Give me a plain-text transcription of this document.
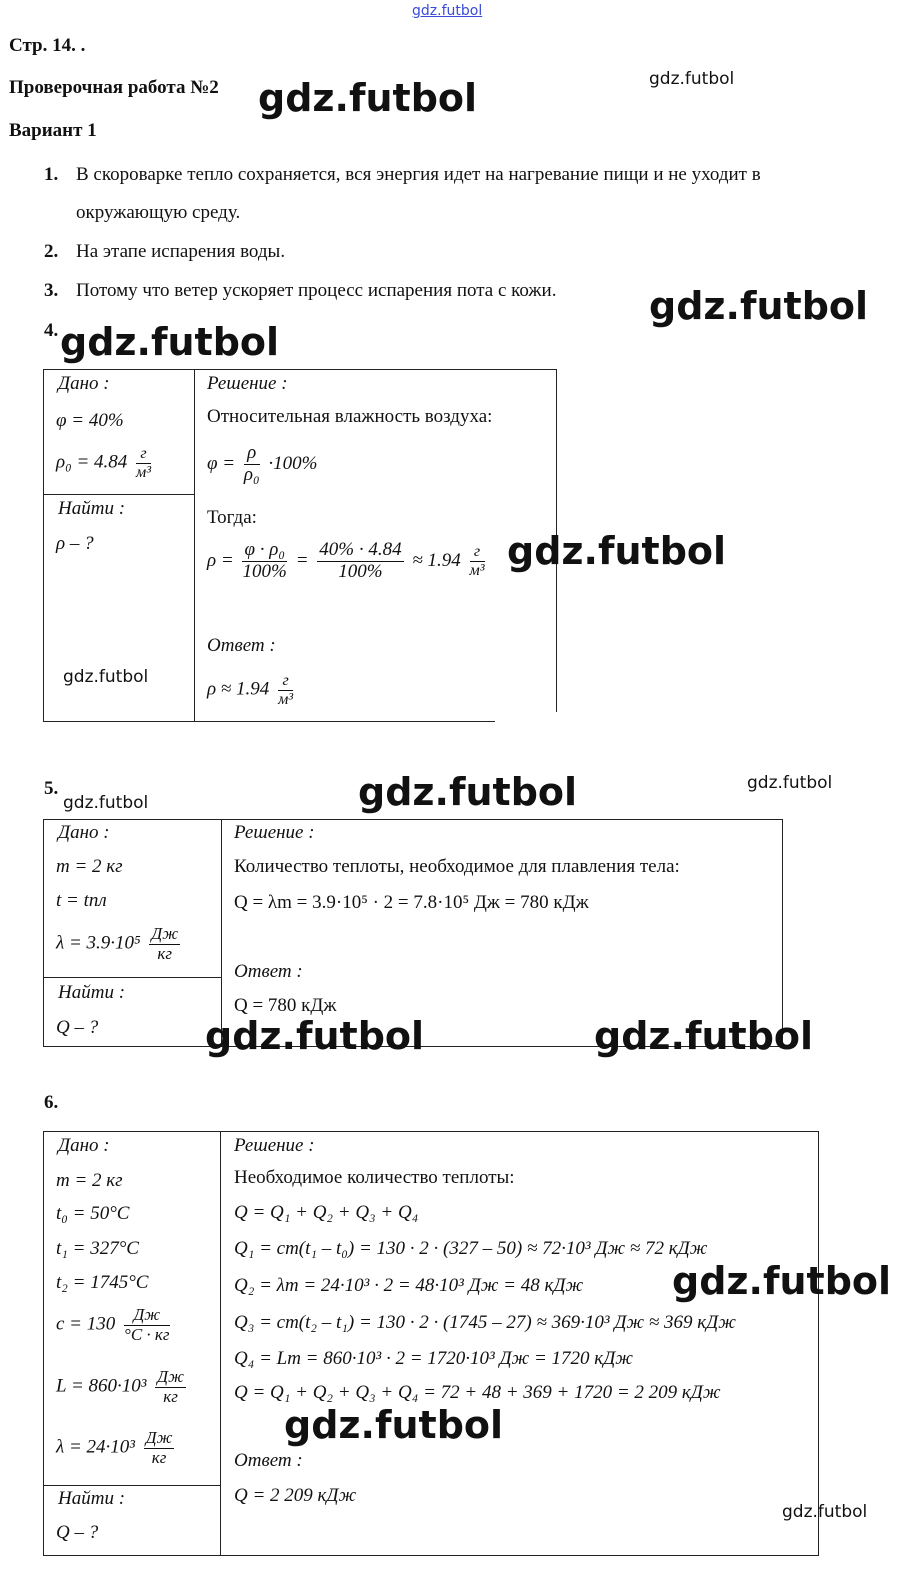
gdz.futbol
Стр. 14. .
Проверочная работа №2
Вариант 1
1. В скороварке тепло сохраняется, вся энергия идет на нагревание пищи и не уходит в
окружающую среду.
2. На этапе испарения воды.
3. Потому что ветер ускоряет процесс испарения пота с кожи.
4.
Дано :
φ = 40%
$\rho_0 = 4.84 \frac{г}{\text{м³}}$
Найти :
ρ – ?
Решение :
Относительная влажность воздуха:
$\varphi = \frac{\rho}{\text{ρ₀}} \cdot 100\%$
Тогда:
$\rho = \frac{\text{φ · ρ₀}}{100\%} = \frac{40\% \cdot 4.84}{100\%} \approx 1.94 \frac{г}{\text{м³}}$
Ответ :
$\rho \approx 1.94 \frac{г}{\text{м³}}$
5.
Дано :
m = 2 кг
t = tпл
$\lambda = 3.9\cdot 10^5 \frac{Дж}{кг}$
Найти :
Q – ?
Решение :
Количество теплоты, необходимое для плавления тела:
Q = λm = 3.9·10⁵ · 2 = 7.8·10⁵ Дж = 780 кДж
Ответ :
Q = 780 кДж
6.
Дано :
m = 2 кг
t₀ = 50°C
t₁ = 327°C
t₂ = 1745°C
$c = 130 \frac{Дж}{^\circ С \cdot кг}$
$L = 860\cdot 10^3 \frac{Дж}{кг}$
$\lambda = 24\cdot 10^3 \frac{Дж}{кг}$
Найти :
Q – ?
Решение :
Необходимое количество теплоты:
Q = Q₁ + Q₂ + Q₃ + Q₄
Q₁ = cm(t₁ – t₀) = 130 · 2 · (327 – 50) ≈ 72·10³ Дж ≈ 72 кДж
Q₂ = λm = 24·10³ · 2 = 48·10³ Дж = 48 кДж
Q₃ = cm(t₂ – t₁) = 130 · 2 · (1745 – 27) ≈ 369·10³ Дж ≈ 369 кДж
Q₄ = Lm = 860·10³ · 2 = 1720·10³ Дж = 1720 кДж
Q = Q₁ + Q₂ + Q₃ + Q₄ = 72 + 48 + 369 + 1720 = 2 209 кДж
Ответ :
Q = 2 209 кДж
gdz.futbol	gdz.futbol
gdz.futbol
gdz.futbol
gdz.futbol
gdz.futbol
gdz.futbol	gdz.futbol
gdz.futbol
gdz.futbol	gdz.futbol
gdz.futbol
gdz.futbol
gdz.futbol
